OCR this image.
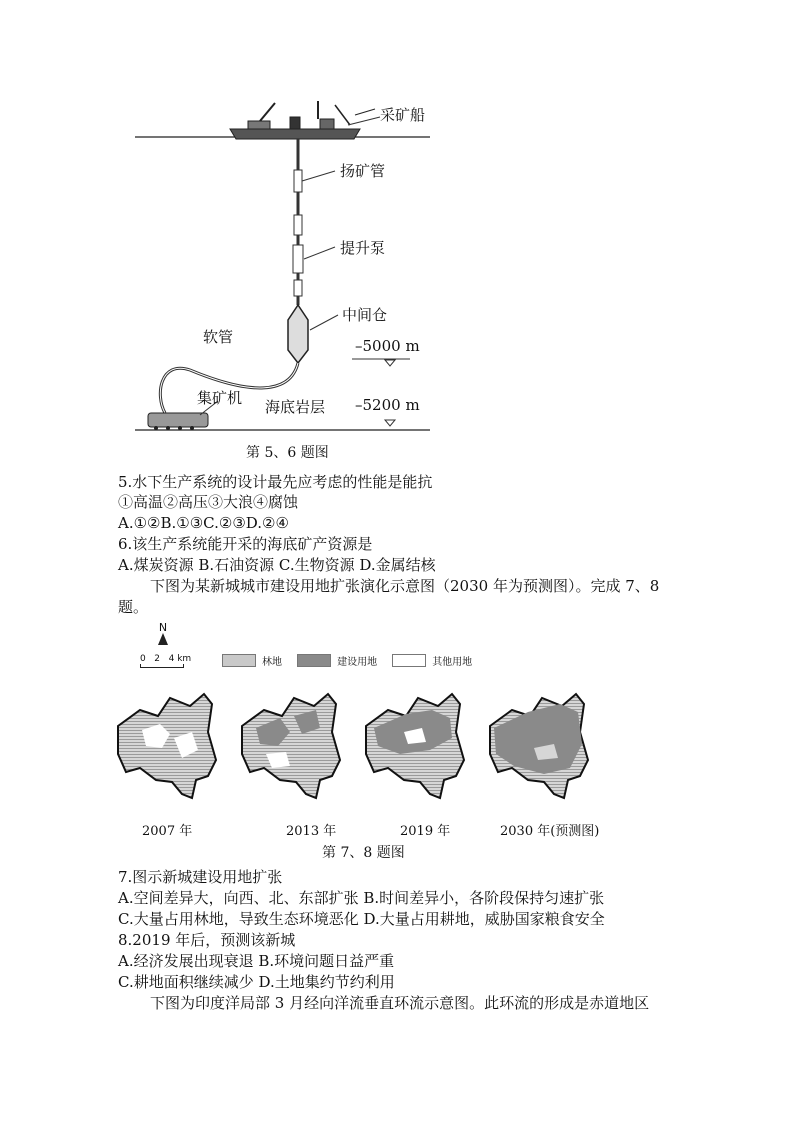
采矿船
扬矿管
提升泵
中间仓
软管	–5000 m
集矿机 海底岩层 –5200 m
第 5、6 题图
5.水下生产系统的设计最先应考虑的性能是能抗
①高温②高压③大浪④腐蚀
A.①②B.①③C.②③D.②④
6.该生产系统能开采的海底矿产资源是
A.煤炭资源 B.石油资源 C.生物资源 D.金属结核
下图为某新城城市建设用地扩张演化示意图（2030 年为预测图）。完成 7、8
题。
N
0   2   4 km	林地	建设用地	其他用地
2007 年	2013 年	2019 年	2030 年(预测图)
第 7、8 题图
7.图示新城建设用地扩张
A.空间差异大，向西、北、东部扩张 B.时间差异小，各阶段保持匀速扩张
C.大量占用林地，导致生态环境恶化 D.大量占用耕地，威胁国家粮食安全
8.2019 年后，预测该新城
A.经济发展出现衰退 B.环境问题日益严重
C.耕地面积继续减少 D.土地集约节约利用
下图为印度洋局部 3 月经向洋流垂直环流示意图。此环流的形成是赤道地区
